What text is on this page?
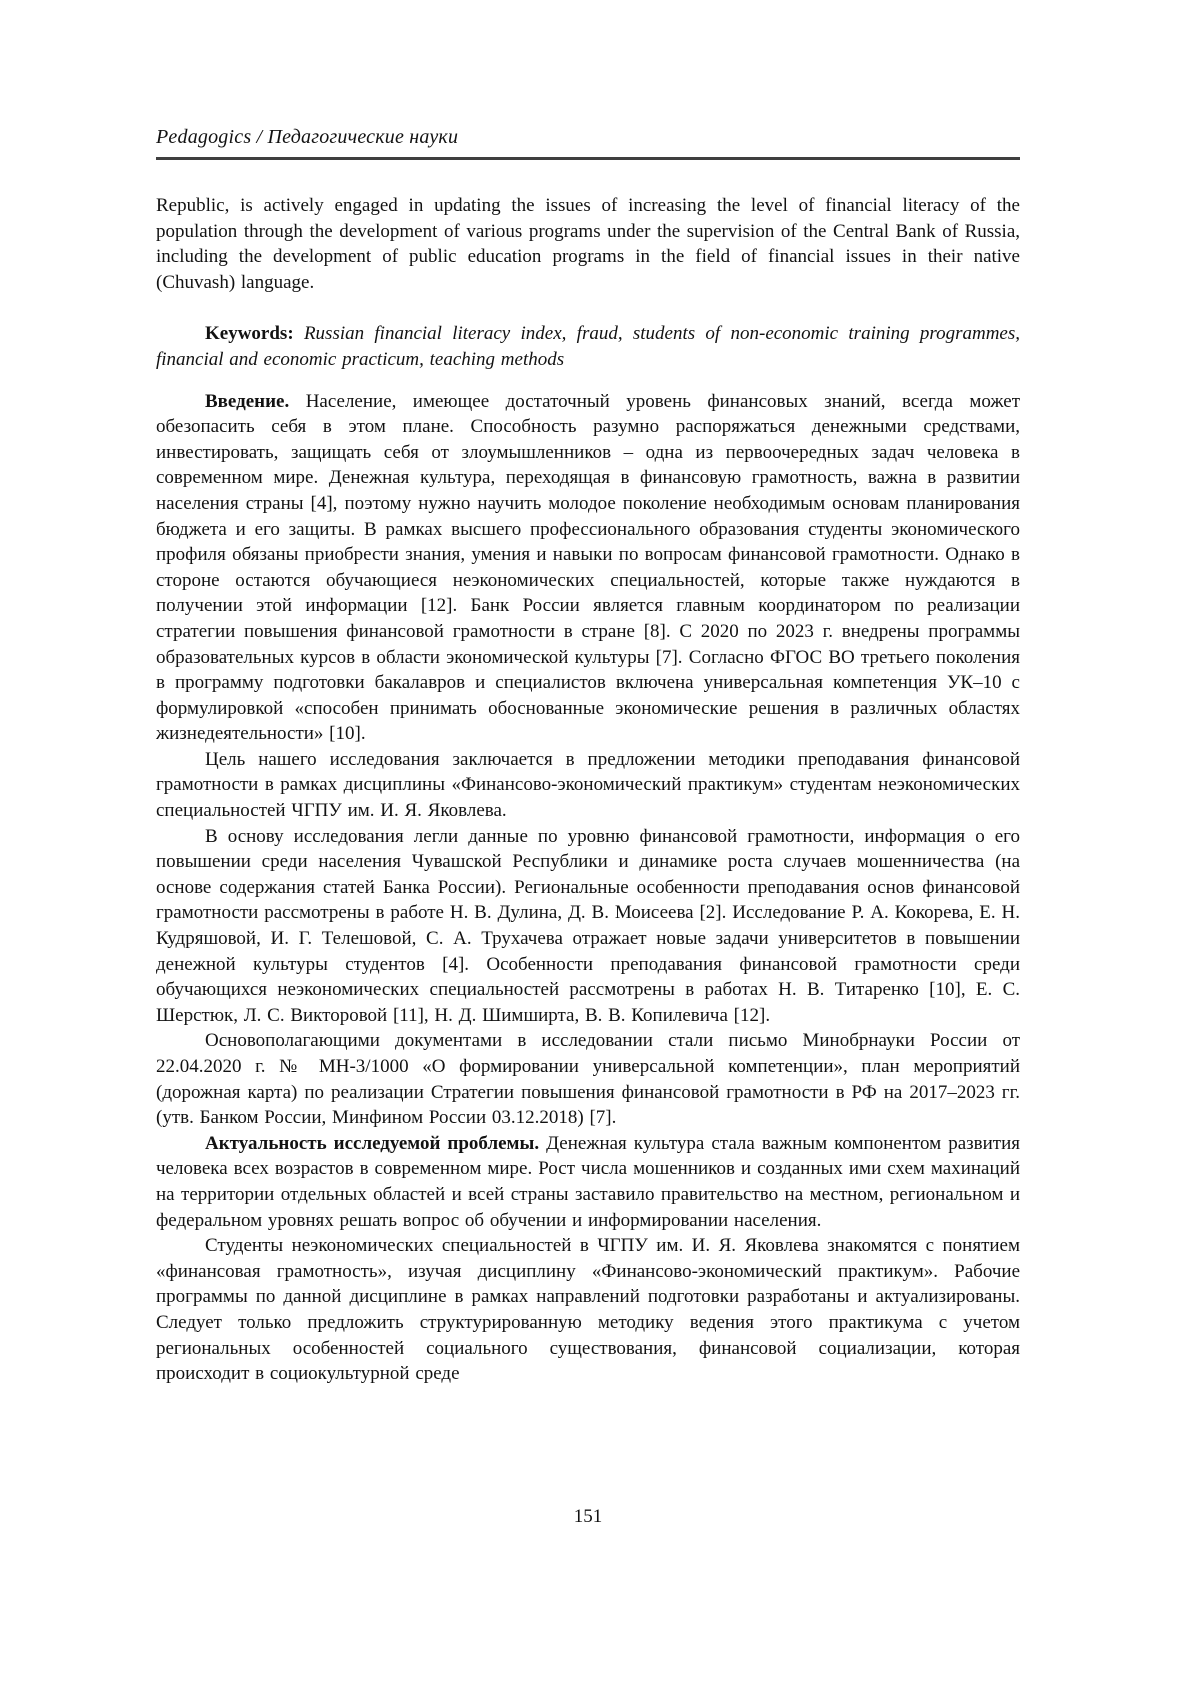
Pedagogics / Педагогические науки

Republic, is actively engaged in updating the issues of increasing the level of financial literacy of the population through the development of various programs under the supervision of the Central Bank of Russia, including the development of public education programs in the field of financial issues in their native (Chuvash) language.

Keywords: Russian financial literacy index, fraud, students of non-economic training programmes, financial and economic practicum, teaching methods

Введение. Население, имеющее достаточный уровень финансовых знаний, всегда может обезопасить себя в этом плане. Способность разумно распоряжаться денежными средствами, инвестировать, защищать себя от злоумышленников – одна из первоочередных задач человека в современном мире. Денежная культура, переходящая в финансовую грамотность, важна в развитии населения страны [4], поэтому нужно научить молодое поколение необходимым основам планирования бюджета и его защиты. В рамках высшего профессионального образования студенты экономического профиля обязаны приобрести знания, умения и навыки по вопросам финансовой грамотности. Однако в стороне остаются обучающиеся неэкономических специальностей, которые также нуждаются в получении этой информации [12]. Банк России является главным координатором по реализации стратегии повышения финансовой грамотности в стране [8]. С 2020 по 2023 г. внедрены программы образовательных курсов в области экономической культуры [7]. Согласно ФГОС ВО третьего поколения в программу подготовки бакалавров и специалистов включена универсальная компетенция УК–10 с формулировкой «способен принимать обоснованные экономические решения в различных областях жизнедеятельности» [10].

Цель нашего исследования заключается в предложении методики преподавания финансовой грамотности в рамках дисциплины «Финансово-экономический практикум» студентам неэкономических специальностей ЧГПУ им. И. Я. Яковлева.

В основу исследования легли данные по уровню финансовой грамотности, информация о его повышении среди населения Чувашской Республики и динамике роста случаев мошенничества (на основе содержания статей Банка России). Региональные особенности преподавания основ финансовой грамотности рассмотрены в работе Н. В. Дулина, Д. В. Моисеева [2]. Исследование Р. А. Кокорева, Е. Н. Кудряшовой, И. Г. Телешовой, С. А. Трухачева отражает новые задачи университетов в повышении денежной культуры студентов [4]. Особенности преподавания финансовой грамотности среди обучающихся неэкономических специальностей рассмотрены в работах Н. В. Титаренко [10], Е. С. Шерстюк, Л. С. Викторовой [11], Н. Д. Шимширта, В. В. Копилевича [12].

Основополагающими документами в исследовании стали письмо Минобрнауки России от 22.04.2020 г. № МН-3/1000 «О формировании универсальной компетенции», план мероприятий (дорожная карта) по реализации Стратегии повышения финансовой грамотности в РФ на 2017–2023 гг. (утв. Банком России, Минфином России 03.12.2018) [7].

Актуальность исследуемой проблемы. Денежная культура стала важным компонентом развития человека всех возрастов в современном мире. Рост числа мошенников и созданных ими схем махинаций на территории отдельных областей и всей страны заставило правительство на местном, региональном и федеральном уровнях решать вопрос об обучении и информировании населения.

Студенты неэкономических специальностей в ЧГПУ им. И. Я. Яковлева знакомятся с понятием «финансовая грамотность», изучая дисциплину «Финансово-экономический практикум». Рабочие программы по данной дисциплине в рамках направлений подготовки разработаны и актуализированы. Следует только предложить структурированную методику ведения этого практикума с учетом региональных особенностей социального существования, финансовой социализации, которая происходит в социокультурной среде

151
